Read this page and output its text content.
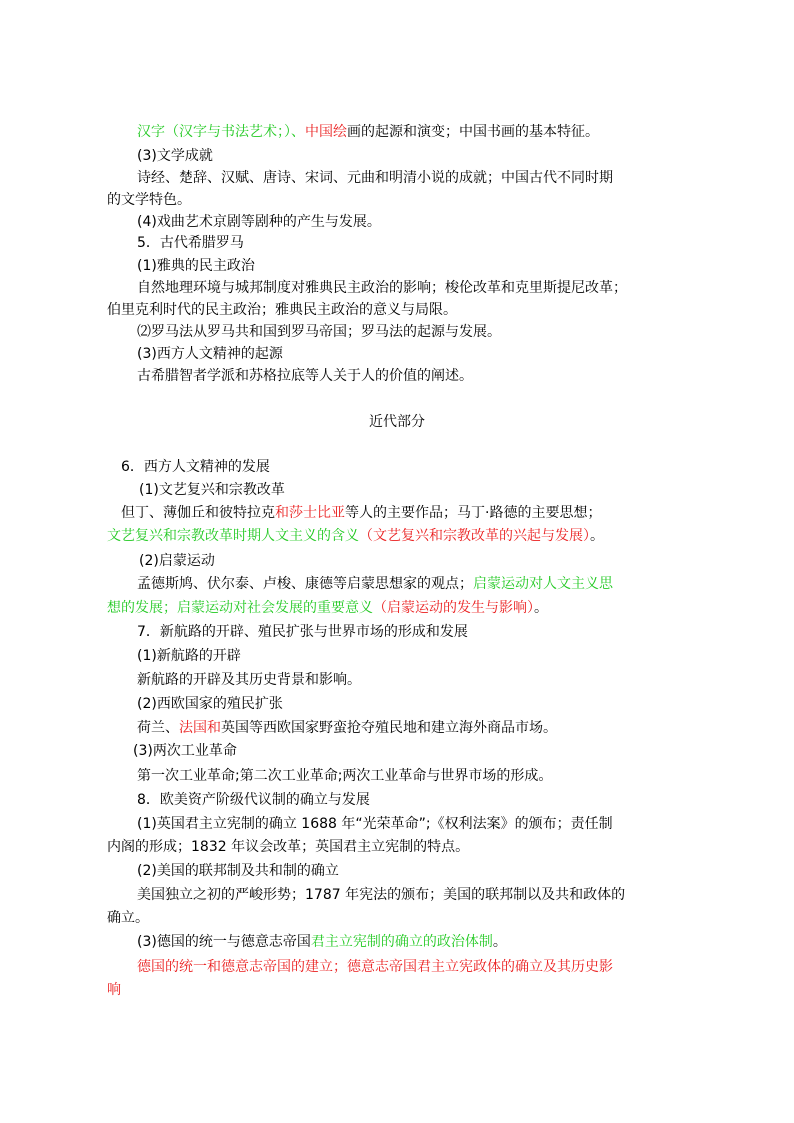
汉字（汉字与书法艺术；）、中国绘画的起源和演变；中国书画的基本特征。
(3)文学成就
诗经、楚辞、汉赋、唐诗、宋词、元曲和明清小说的成就；中国古代不同时期
的文学特色。
(4)戏曲艺术京剧等剧种的产生与发展。
5．古代希腊罗马
(1)雅典的民主政治
自然地理环境与城邦制度对雅典民主政治的影响；梭伦改革和克里斯提尼改革；
伯里克利时代的民主政治；雅典民主政治的意义与局限。
⑵罗马法从罗马共和国到罗马帝国；罗马法的起源与发展。
(3)西方人文精神的起源
古希腊智者学派和苏格拉底等人关于人的价值的阐述。
近代部分
6．西方人文精神的发展
(1)文艺复兴和宗教改革
但丁、薄伽丘和彼特拉克和莎士比亚等人的主要作品；马丁·路德的主要思想；
文艺复兴和宗教改革时期人文主义的含义（文艺复兴和宗教改革的兴起与发展）。
(2)启蒙运动
孟德斯鸠、伏尔泰、卢梭、康德等启蒙思想家的观点；启蒙运动对人文主义思
想的发展；启蒙运动对社会发展的重要意义（启蒙运动的发生与影响）。
7．新航路的开辟、殖民扩张与世界市场的形成和发展
(1)新航路的开辟
新航路的开辟及其历史背景和影响。
(2)西欧国家的殖民扩张
荷兰、法国和英国等西欧国家野蛮抢夺殖民地和建立海外商品市场。
(3)两次工业革命
第一次工业革命;第二次工业革命;两次工业革命与世界市场的形成。
8．欧美资产阶级代议制的确立与发展
(1)英国君主立宪制的确立 1688 年“光荣革命”;《权利法案》的颁布；责任制
内阁的形成；1832 年议会改革；英国君主立宪制的特点。
(2)美国的联邦制及共和制的确立
美国独立之初的严峻形势；1787 年宪法的颁布；美国的联邦制以及共和政体的
确立。
(3)德国的统一与德意志帝国君主立宪制的确立的政治体制。
德国的统一和德意志帝国的建立；德意志帝国君主立宪政体的确立及其历史影
响
